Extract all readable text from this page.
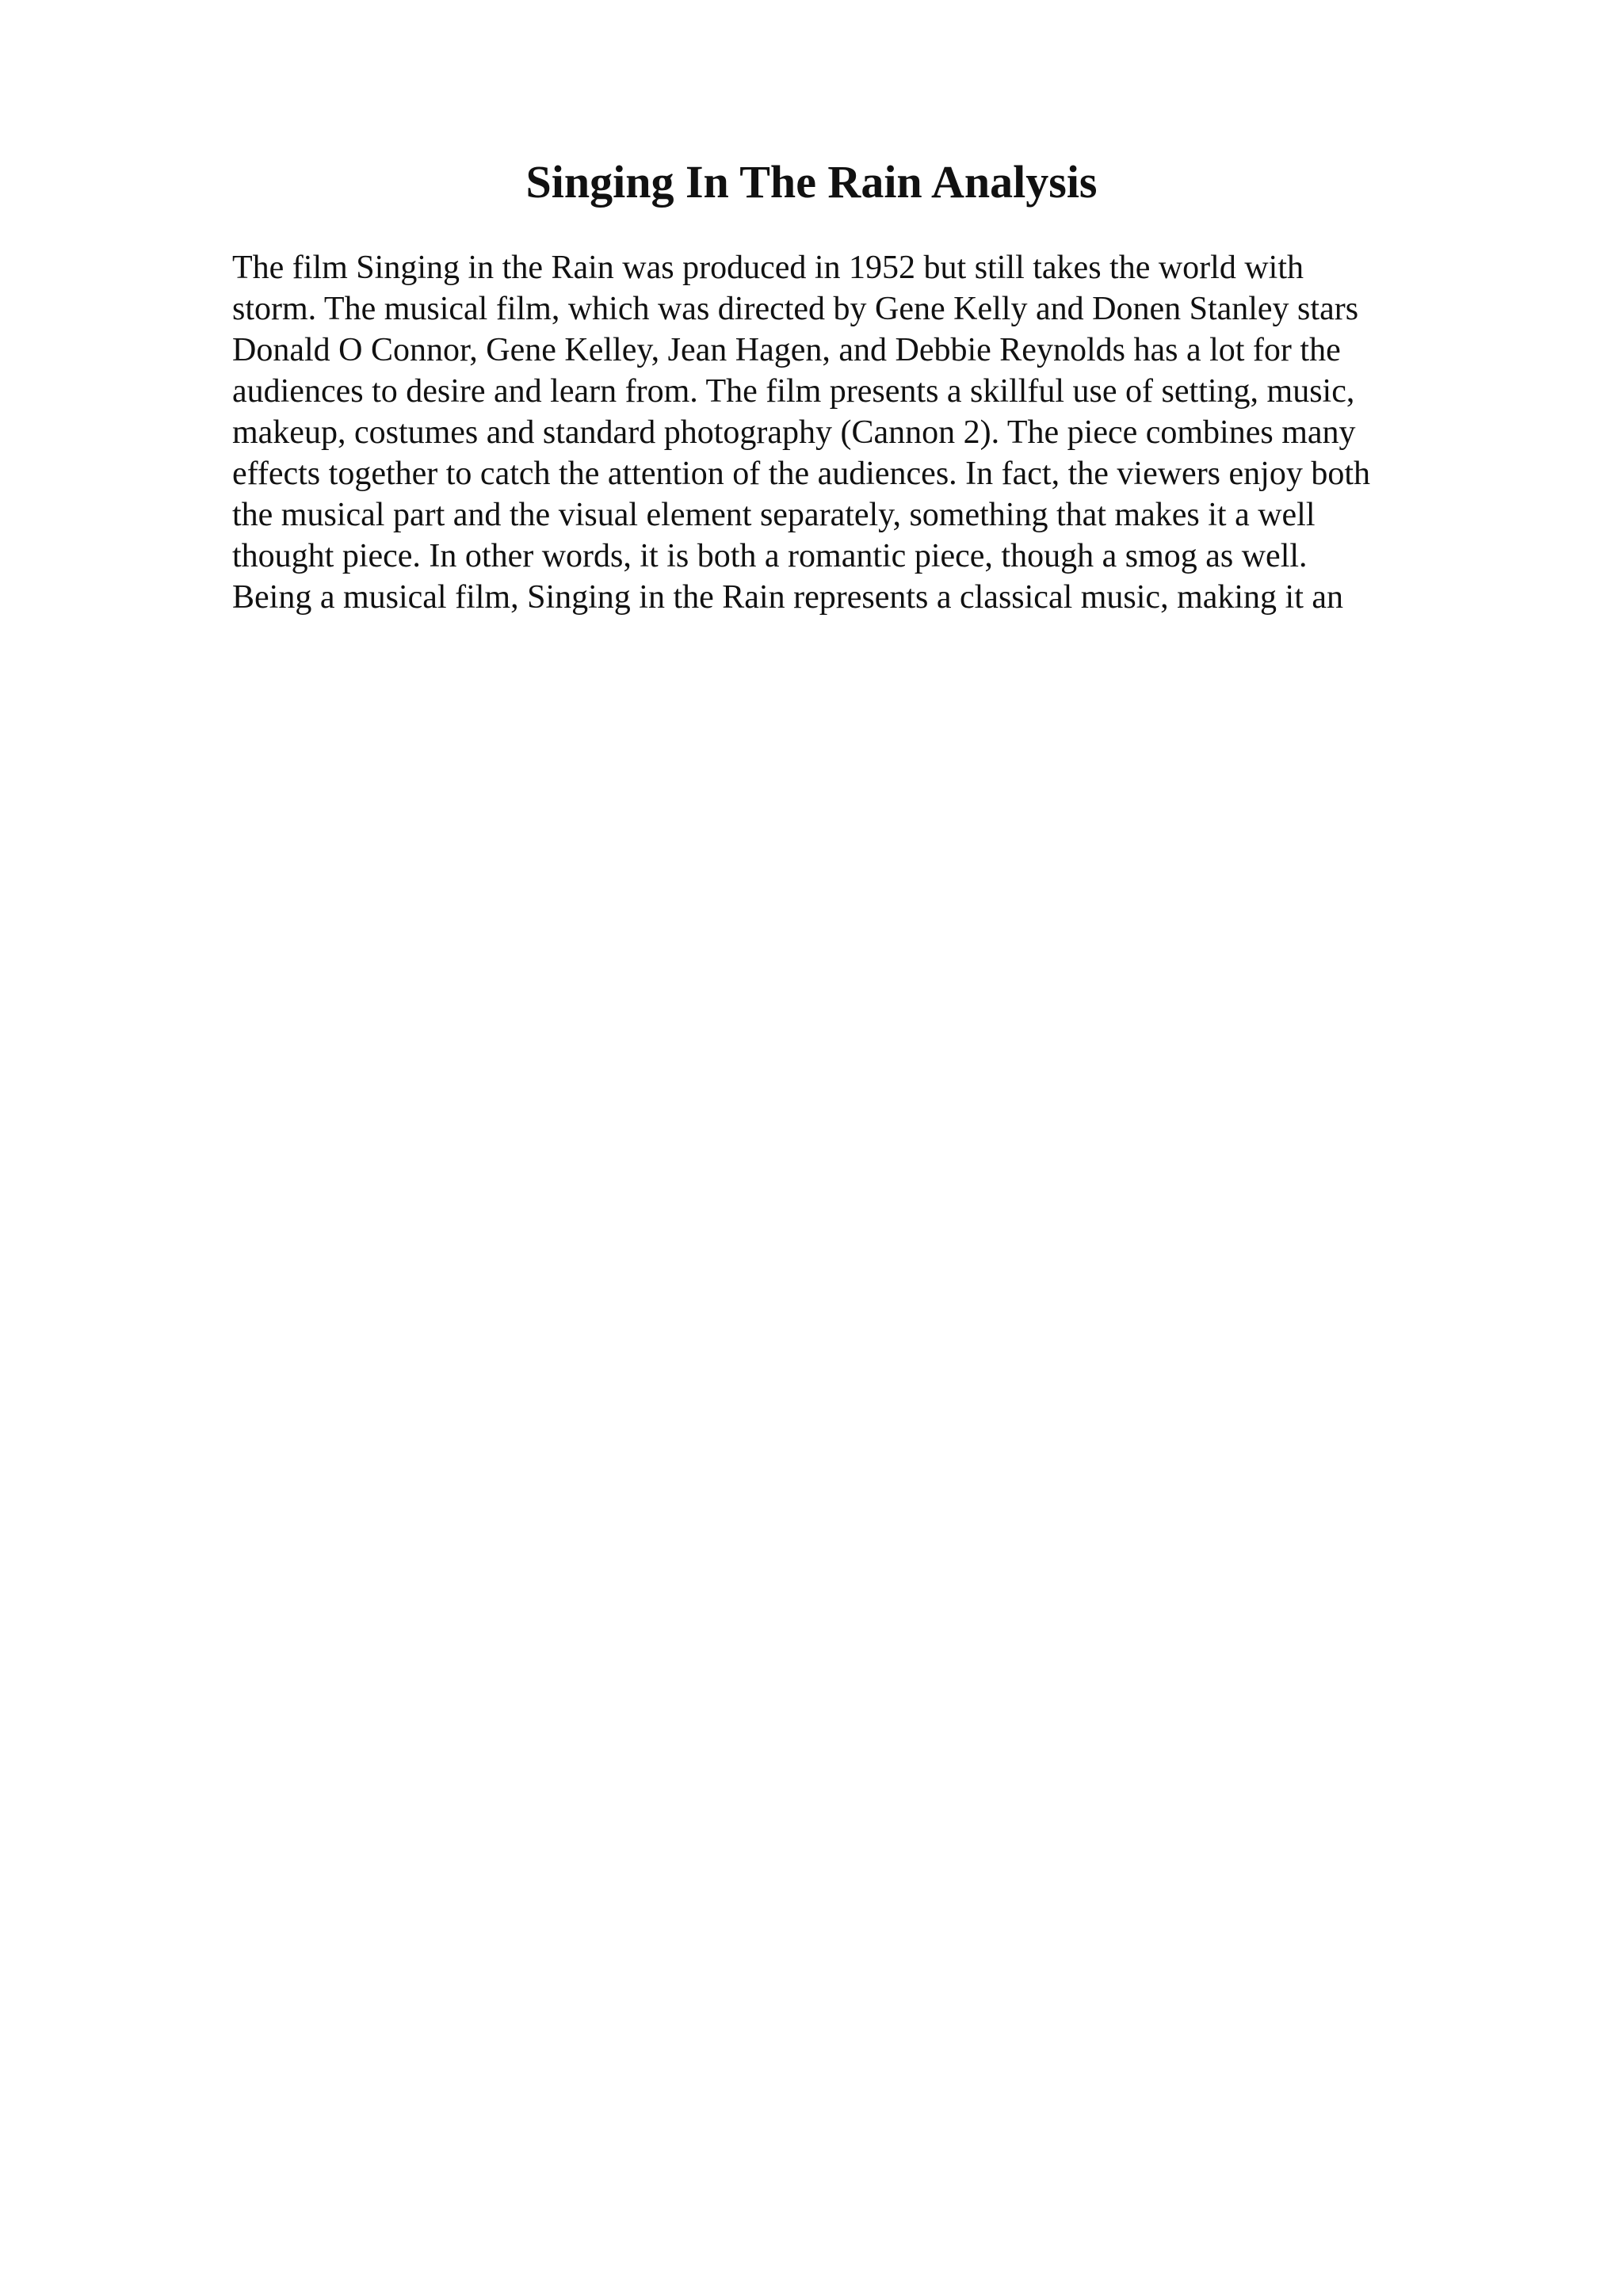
Singing In The Rain Analysis
The film Singing in the Rain was produced in 1952 but still takes the world with
storm. The musical film, which was directed by Gene Kelly and Donen Stanley stars
Donald O Connor, Gene Kelley, Jean Hagen, and Debbie Reynolds has a lot for the
audiences to desire and learn from. The film presents a skillful use of setting, music,
makeup, costumes and standard photography (Cannon 2). The piece combines many
effects together to catch the attention of the audiences. In fact, the viewers enjoy both
the musical part and the visual element separately, something that makes it a well
thought piece. In other words, it is both a romantic piece, though a smog as well.
Being a musical film, Singing in the Rain represents a classical music, making it an
